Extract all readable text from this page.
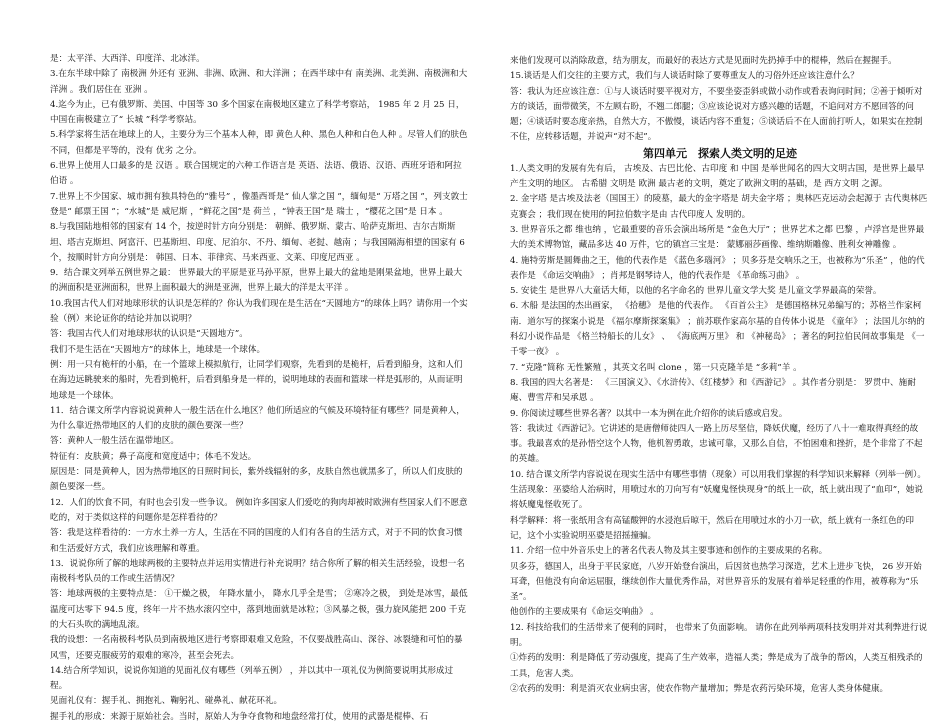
是：太平洋、大西洋、印度洋、北冰洋。

3.在东半球中除了 南极洲 外还有 亚洲、非洲、欧洲、和大洋洲 ；在西半球中有 南美洲、北美洲、南极洲和大洋洲 。我们居住在 亚洲 。

4.迄今为止，已有俄罗斯、美国、中国等 30 多个国家在南极地区建立了科学考察站， 1985 年 2 月 25 日，中国在南极建立了“ 长城 ”科学考察站。

5.科学家将生活在地球上的人，主要分为三个基本人种，即 黄色人种、黑色人种和白色人种 。尽管人们的肤色不同，但都是平等的，没有 优劣 之分。

6.世界上使用人口最多的是 汉语 。联合国规定的六种工作语言是 英语、法语、俄语、汉语、西班牙语和阿拉伯语 。

7.世界上不少国家、城市拥有独具特色的“雅号” ，像墨西哥是“ 仙人掌之国 ”，缅甸是“ 万塔之国 ”，列支敦士登是“ 邮票王国 ”；“水城”是 威尼斯 ，“鲜花之国”是 荷兰 ，“钟表王国”是 瑞士 ，“樱花之国”是 日本 。

8.与我国陆地相邻的国家有 14 个，按逆时针方向分别是： 朝鲜、俄罗斯、蒙古、哈萨克斯坦、吉尔吉斯斯坦、塔吉克斯坦、阿富汗、巴基斯坦、印度、尼泊尔、不丹、缅甸、老挝、越南 ；与我国隔海相望的国家有 6 个，按顺时针方向分别是： 韩国、日本、菲律宾、马来西亚、文莱、印度尼西亚 。

9．结合课文列举五例世界之最： 世界最大的平原是亚马孙平原，世界上最大的盆地是刚果盆地，世界上最大的洲面积是亚洲面积，世界上面积最大的洲是亚洲，世界上最大的洋是太平洋 。

10.我国古代人们对地球形状的认识是怎样的？你认为我们现在是生活在“天圆地方”的球体上吗？请你用一个实验（例）来论证你的结论并加以说明？

答：我国古代人们对地球形状的认识是“天圆地方”。

我们不是生活在“天圆地方”的球体上，地球是一个球体。

例：用一只有桅杆的小船，在一个篮球上模拟航行，让同学们观察，先看到的是桅杆，后看到船身，这和人们在海边远眺驶来的船时，先看到桅杆，后看到船身是一样的，说明地球的表面和篮球一样是弧形的，从而证明地球是一个球体。

11．结合课文所学内容说说黄种人一般生活在什么地区？他们所适应的气候及环境特征有哪些？同是黄种人，为什么靠近热带地区的人们的皮肤的颜色要深一些？

答：黄种人一般生活在温带地区。

特征有：皮肤黄；鼻子高度和宽度适中；体毛不发达。

原因是：同是黄种人，因为热带地区的日照时间长，紫外线辐射的多，皮肤自然也就黑多了，所以人们皮肤的颜色要深一些。

12．人们的饮食不同，有时也会引发一些争议。 例如许多国家人们爱吃的狗肉却被时欧洲有些国家人们不愿意吃的，对于类似这样的问题你是怎样看待的？

答：我是这样看待的：一方水土养一方人，生活在不同的国度的人们有各自的生活方式，对于不同的饮食习惯和生活爱好方式，我们应该理解和尊重。

13．说说你所了解的地球两极的主要特点并运用实情进行补充说明？结合你所了解的相关生活经验，设想一名南极科考队员的工作或生活情况？

答：地球两极的主要特点是： ①干燥之极， 年降水量小， 降水几乎全是雪； ②寒冷之极， 到处是冰雪，最低温度可达零下 94.5 度，终年一片不热水滚闪空中，落到地面就是冰粒；③风暴之极，强力旋风能把 200 千克的大石头吹的满地乱滚。

我的设想：一名南极科考队员到南极地区进行考察即艰难又危险，不仅要战胜高山、深谷、冰裂缝和可怕的暴风雪，还要克服疲劳的艰难的寒冷，甚至会死去。

14.结合所学知识，说说你知道的见面礼仪有哪些（列举五例） ，并以其中一项礼仪为例简要说明其形成过程。

见面礼仪有：握手礼、拥抱礼、鞠躬礼、碰鼻礼、献花环礼。

握手礼的形成：来源于原始社会。当时，原始人为争夺食物和地盘经常打仗，使用的武器是棍棒、石

来他们发现可以消除敌意，结为朋友，而最好的表达方式是见面时先扔掉手中的棍棒，然后在握握手。

15.谈话是人们交往的主要方式，我们与人谈话时除了要尊重友人的习俗外还应该注意什么？

答：我认为还应该注意：①与人谈话时要平视对方，不要坐姿歪斜或做小动作或看表询问时间；②善于倾听对方的谈话，面带微笑，不左顾右盼，不翘二郎腿；③应该论说对方感兴趣的话题，不追问对方不愿回答的问题；④谈话时要态度亲热，自然大方，不傲慢，谈话内容不重复；⑤谈话后不在人面前打听人，如果实在控制不住，应转移话题，并说声“对不起”。

第四单元　探索人类文明的足迹

1.人类文明的发展有先有后， 古埃及、古巴比伦、古印度 和 中国 是举世闻名的四大文明古国，是世界上最早产生文明的地区。 古希腊 文明是 欧洲 最古老的文明，奠定了欧洲文明的基础，是 西方文明 之源。

2. 金字塔 是古埃及法老（国国王）的陵墓，最大的金字塔是 胡夫金字塔 ；奥林匹克运动会起源于 古代奥林匹克赛会 ；我们现在使用的阿拉伯数字是由 古代印度人 发明的。

3. 世界音乐之都 维也纳 ，它最重要的音乐会演出场所是 “金色大厅” ；世界艺术之都 巴黎 ，卢浮宫是世界最大的美术博物馆，藏品多达 40 万件，它的镇宫三宝是： 蒙娜丽莎画像、维纳斯雕像、胜利女神雕像 。

4. 施特劳斯是圆舞曲之王，他的代表作是 《蓝色多瑙河》 ；贝多芬是交响乐之王，也被称为“乐圣” ，他的代表作是 《命运交响曲》 ；肖邦是钢琴诗人，他的代表作是 《革命练习曲》 。

5. 安徒生 是世界八大童话大师，以他的名字命名的 世界儿童文学大奖 是儿童文学界最高的荣誉。

6. 木船 是法国的杰出画家， 《拾穗》 是他的代表作。 《百首公主》 是德国格林兄弟编写的；苏格兰作家柯南．道尔写的探案小说是 《福尔摩斯探案集》 ；前苏联作家高尔基的自传体小说是 《童年》 ；法国儿尔纳的科幻小说作品是 《格兰特船长的儿女》 、 《海底两万里》 和 《神秘岛》 ；著名的阿拉伯民间故事集是 《一千零一夜》 。

7. “克隆”简称 无性繁殖 ，其英文名叫 clone ，第一只克隆羊是 “多莉”羊 。

8. 我国的四大名著是： 《三国演义》、《水浒传》、《红楼梦》和《西游记》 。其作者分别是： 罗贯中、施耐庵、曹雪芹和吴承恩 。

9. 你阅读过哪些世界名著？以其中一本为例在此介绍你的读后感或启发。

答：我读过《西游记》。它讲述的是唐僧师徒四人一路上历尽坚信，降妖伏魔，经历了八十一难取得真经的故事。我最喜欢的是孙悟空这个人物，他机智勇敢，忠诚可靠，又那么自信，不怕困难和挫折，是个非常了不起的英雄。

10. 结合课文所学内容说说在现实生活中有哪些事情（现象）可以用我们掌握的科学知识来解释（列举一例）。

生活现象：巫婆给人治病时，用喷过水的刀向写有“妖魔鬼怪快现身”的纸上一砍，纸上就出现了“血印”，她说将妖魔鬼怪收死了。

科学解释：将一张纸用含有高锰酸钾的水浸泡后晾干，然后在用喷过水的小刀一砍，纸上就有一条红色的印记，这个小实验说明巫婆是招摇撞骗。

11. 介绍一位中外音乐史上的著名代表人物及其主要事迹和创作的主要成果的名称。

贝多芬，德国人，出身于平民家庭，八岁开始登台演出，后因贫也热学习深造，艺术上进步飞快， 26 岁开始耳聋，但他没有向命运屈服，继续创作大量优秀作品，对世界音乐的发展有着举足轻重的作用，被尊称为“乐圣”。

他创作的主要成果有《命运交响曲》 。

12. 科技给我们的生活带来了便利的同时， 也带来了负面影响。 请你在此列举两项科技发明并对其利弊进行说明。

①炸药的发明：利是降低了劳动强度，提高了生产效率，造福人类；弊是成为了战争的帮凶，人类互相残杀的工具，危害人类。

②农药的发明：利是消灭农业病虫害，使农作物产量增加；弊是农药污染环境，危害人类身体健康。
